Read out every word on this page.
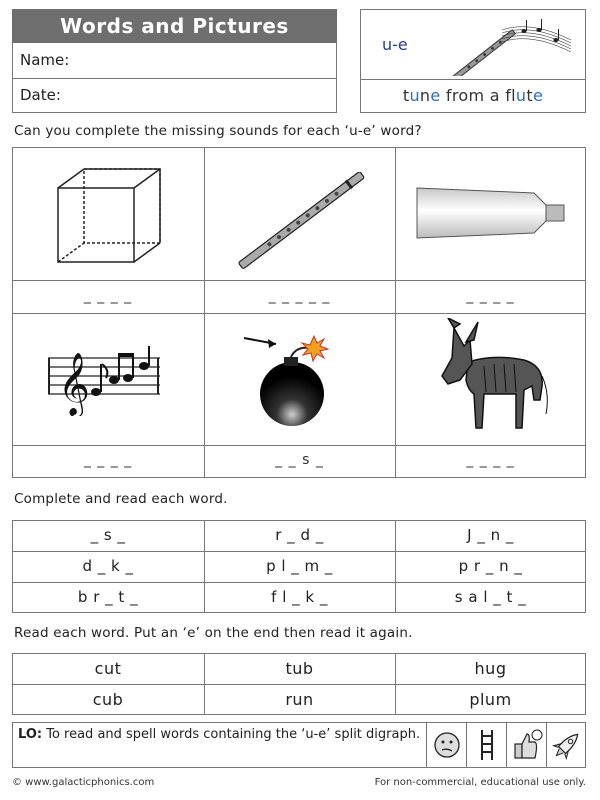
Words and Pictures
Name:
Date:
u-e
tune from a flute
Can you complete the missing sounds for each ‘u-e’ word?
𝄞
_ _ _ _	_ _ _ _ _	_ _ _ _
_ _ _ _	_ _ s _	_ _ _ _
Complete and read each word.
_ s _	r _ d _	J _ n _
d _ k _	p l _ m _	p r _ n _
b r _ t _	f l _ k _	s a l _ t _
Read each word. Put an ‘e’ on the end then read it again.
cut	tub	hug
cub	run	plum
LO: To read and spell words containing the ‘u-e’ split digraph.
© www.galacticphonics.com	For non-commercial, educational use only.
